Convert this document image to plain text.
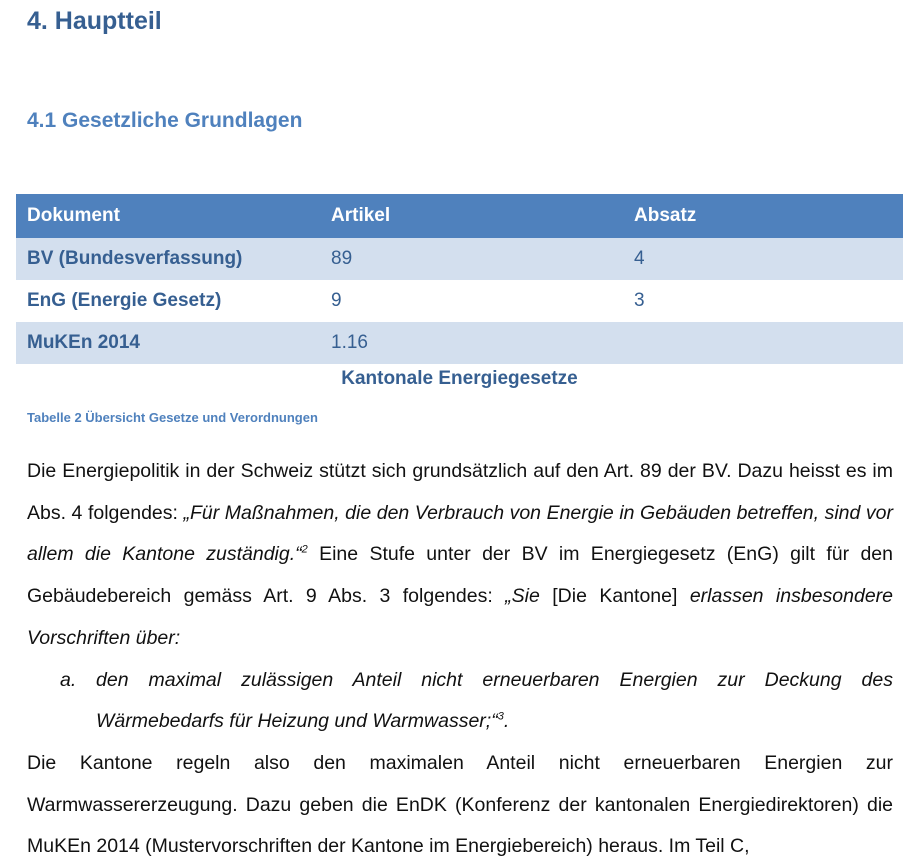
4. Hauptteil
4.1 Gesetzliche Grundlagen
Dokument	Artikel	Absatz
BV (Bundesverfassung)	89	4
EnG (Energie Gesetz)	9	3
MuKEn 2014	1.16	
Kantonale Energiegesetze		
Tabelle 2 Übersicht Gesetze und Verordnungen

Die Energiepolitik in der Schweiz stützt sich grundsätzlich auf den Art. 89 der BV. Dazu heisst es im Abs. 4 folgendes: „Für Maßnahmen, die den Verbrauch von Energie in Gebäuden betreffen, sind vor allem die Kantone zuständig.“$^2$ Eine Stufe unter der BV im Energiegesetz (EnG) gilt für den Gebäudebereich gemäss Art. 9 Abs. 3 folgendes: „Sie [Die Kantone] erlassen insbesondere Vorschriften über:

a.	den maximal zulässigen Anteil nicht erneuerbaren Energien zur Deckung des Wärmebedarfs für Heizung und Warmwasser;“$^3$.

Die Kantone regeln also den maximalen Anteil nicht erneuerbaren Energien zur Warmwassererzeugung. Dazu geben die EnDK (Konferenz der kantonalen Energiedirektoren) die MuKEn 2014 (Mustervorschriften der Kantone im Energiebereich) heraus. Im Teil C,
